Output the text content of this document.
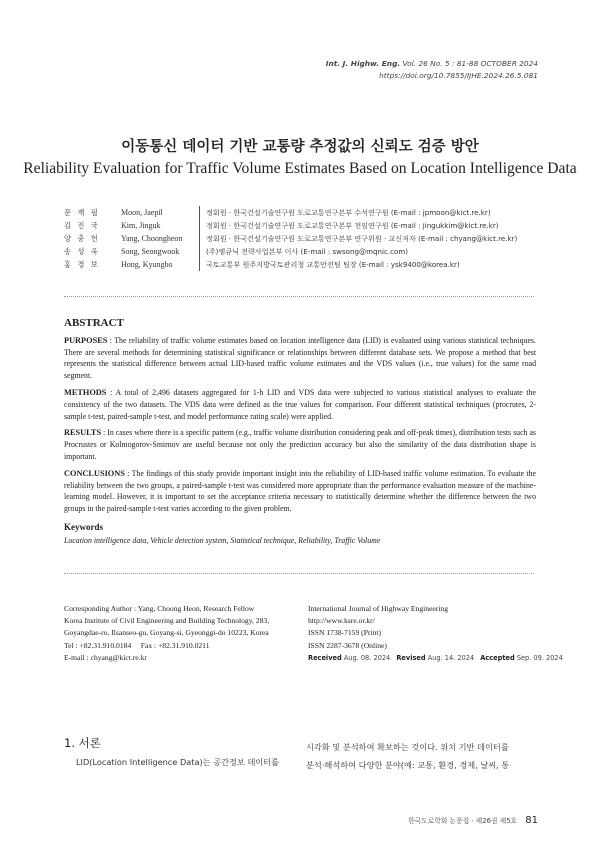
Int. J. Highw. Eng. Vol. 26 No. 5 : 81-88 OCTOBER 2024
https://doi.org/10.7855/IJHE.2024.26.5.081
이동통신 데이터 기반 교통량 추정값의 신뢰도 검증 방안
Reliability Evaluation for Traffic Volume Estimates Based on Location Intelligence Data
문 재 필	Moon, Jaepil	정회원 · 한국건설기술연구원 도로교통연구본부 수석연구원 (E-mail : jpmoon@kict.re.kr)
김 진 국	Kim, Jinguk	정회원 · 한국건설기술연구원 도로교통연구본부 전임연구원 (E-mail : jingukkim@kict.re.kr)
양 충 헌	Yang, Choongheon	정회원 · 한국건설기술연구원 도로교통연구본부 연구위원 · 교신저자 (E-mail : chyang@kict.re.kr)
송 성 욱	Song, Seongwook	(주)엠큐닉 전략사업본부 이사 (E-mail : swsong@mqnic.com)
홍 경 보	Hong, Kyungbo	국토교통부 원주지방국토관리청 교통안전팀 팀장 (E-mail : ysk9400@korea.kr)
ABSTRACT

PURPOSES : The reliability of traffic volume estimates based on location intelligence data (LID) is evaluated using various statistical techniques. There are several methods for determining statistical significance or relationships between different database sets. We propose a method that best represents the statistical difference between actual LID-based traffic volume estimates and the VDS values (i.e., true values) for the same road segment.

METHODS : A total of 2,496 datasets aggregated for 1-h LID and VDS data were subjected to various statistical analyses to evaluate the consistency of the two datasets. The VDS data were defined as the true values for comparison. Four different statistical techniques (procrutes, 2-sample t-test, paired-sample t-test, and model performance rating scale) were applied.

RESULTS : In cases where there is a specific pattern (e.g., traffic volume distribution considering peak and off-peak times), distribution tests such as Procrustes or Kolmogorov-Smirnov are useful because not only the prediction accuracy but also the similarity of the data distribution shape is important.

CONCLUSIONS : The findings of this study provide important insight into the reliability of LID-based traffic volume estimation. To evaluate the reliability between the two groups, a paired-sample t-test was considered more appropriate than the performance evaluation measure of the machine-learning model. However, it is important to set the acceptance criteria necessary to statistically determine whether the difference between the two groups in the paired-sample t-test varies according to the given problem.

Keywords
Location intelligence data, Vehicle detection system, Statistical technique, Reliability, Traffic Volume
Corresponding Author : Yang, Choong Heon, Research Fellow
Korea Institute of Civil Engineering and Building Technology, 283,
Goyangdae-ro, Ilsanseo-gu, Goyang-si, Gyeonggi-do 10223, Korea
Tel : +82.31.910.0184     Fax : +82.31.910.0211
E-mail : chyang@kict.re.kr
International Journal of Highway Engineering
http://www.ksre.or.kr/
ISSN 1738-7159 (Print)
ISSN 2287-3678 (Online)
Received Aug. 08. 2024 Revised Aug. 14. 2024 Accepted Sep. 09. 2024
1. 서론
LID(Location Intelligence Data)는 공간정보 데이터를
시각화 및 분석하여 확보하는 것이다. 위치 기반 데이터를
분석·해석하여 다양한 분야(예: 교통, 환경, 경제, 날씨, 통
한국도로학회 논문집 · 제26권 제5호 81
